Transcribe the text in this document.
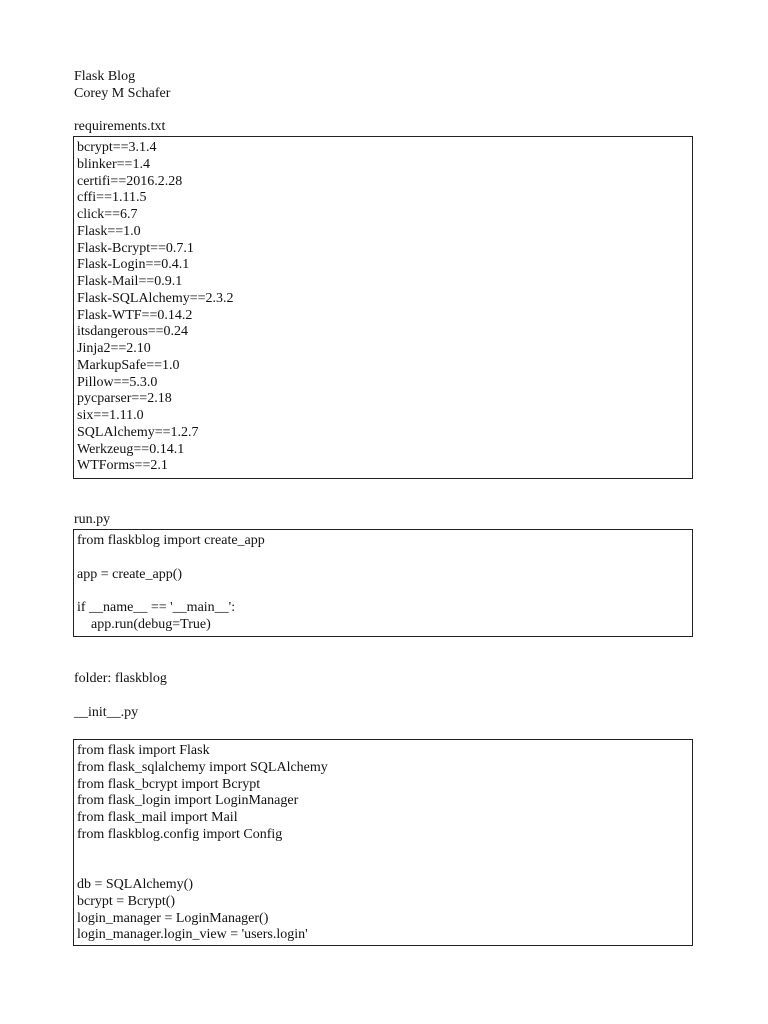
Flask Blog
Corey M Schafer
requirements.txt
bcrypt==3.1.4
blinker==1.4
certifi==2016.2.28
cffi==1.11.5
click==6.7
Flask==1.0
Flask-Bcrypt==0.7.1
Flask-Login==0.4.1
Flask-Mail==0.9.1
Flask-SQLAlchemy==2.3.2
Flask-WTF==0.14.2
itsdangerous==0.24
Jinja2==2.10
MarkupSafe==1.0
Pillow==5.3.0
pycparser==2.18
six==1.11.0
SQLAlchemy==1.2.7
Werkzeug==0.14.1
WTForms==2.1
run.py
from flaskblog import create_app
app = create_app()
if __name__ == '__main__':
app.run(debug=True)
folder: flaskblog
__init__.py
from flask import Flask
from flask_sqlalchemy import SQLAlchemy
from flask_bcrypt import Bcrypt
from flask_login import LoginManager
from flask_mail import Mail
from flaskblog.config import Config
db = SQLAlchemy()
bcrypt = Bcrypt()
login_manager = LoginManager()
login_manager.login_view = 'users.login'
